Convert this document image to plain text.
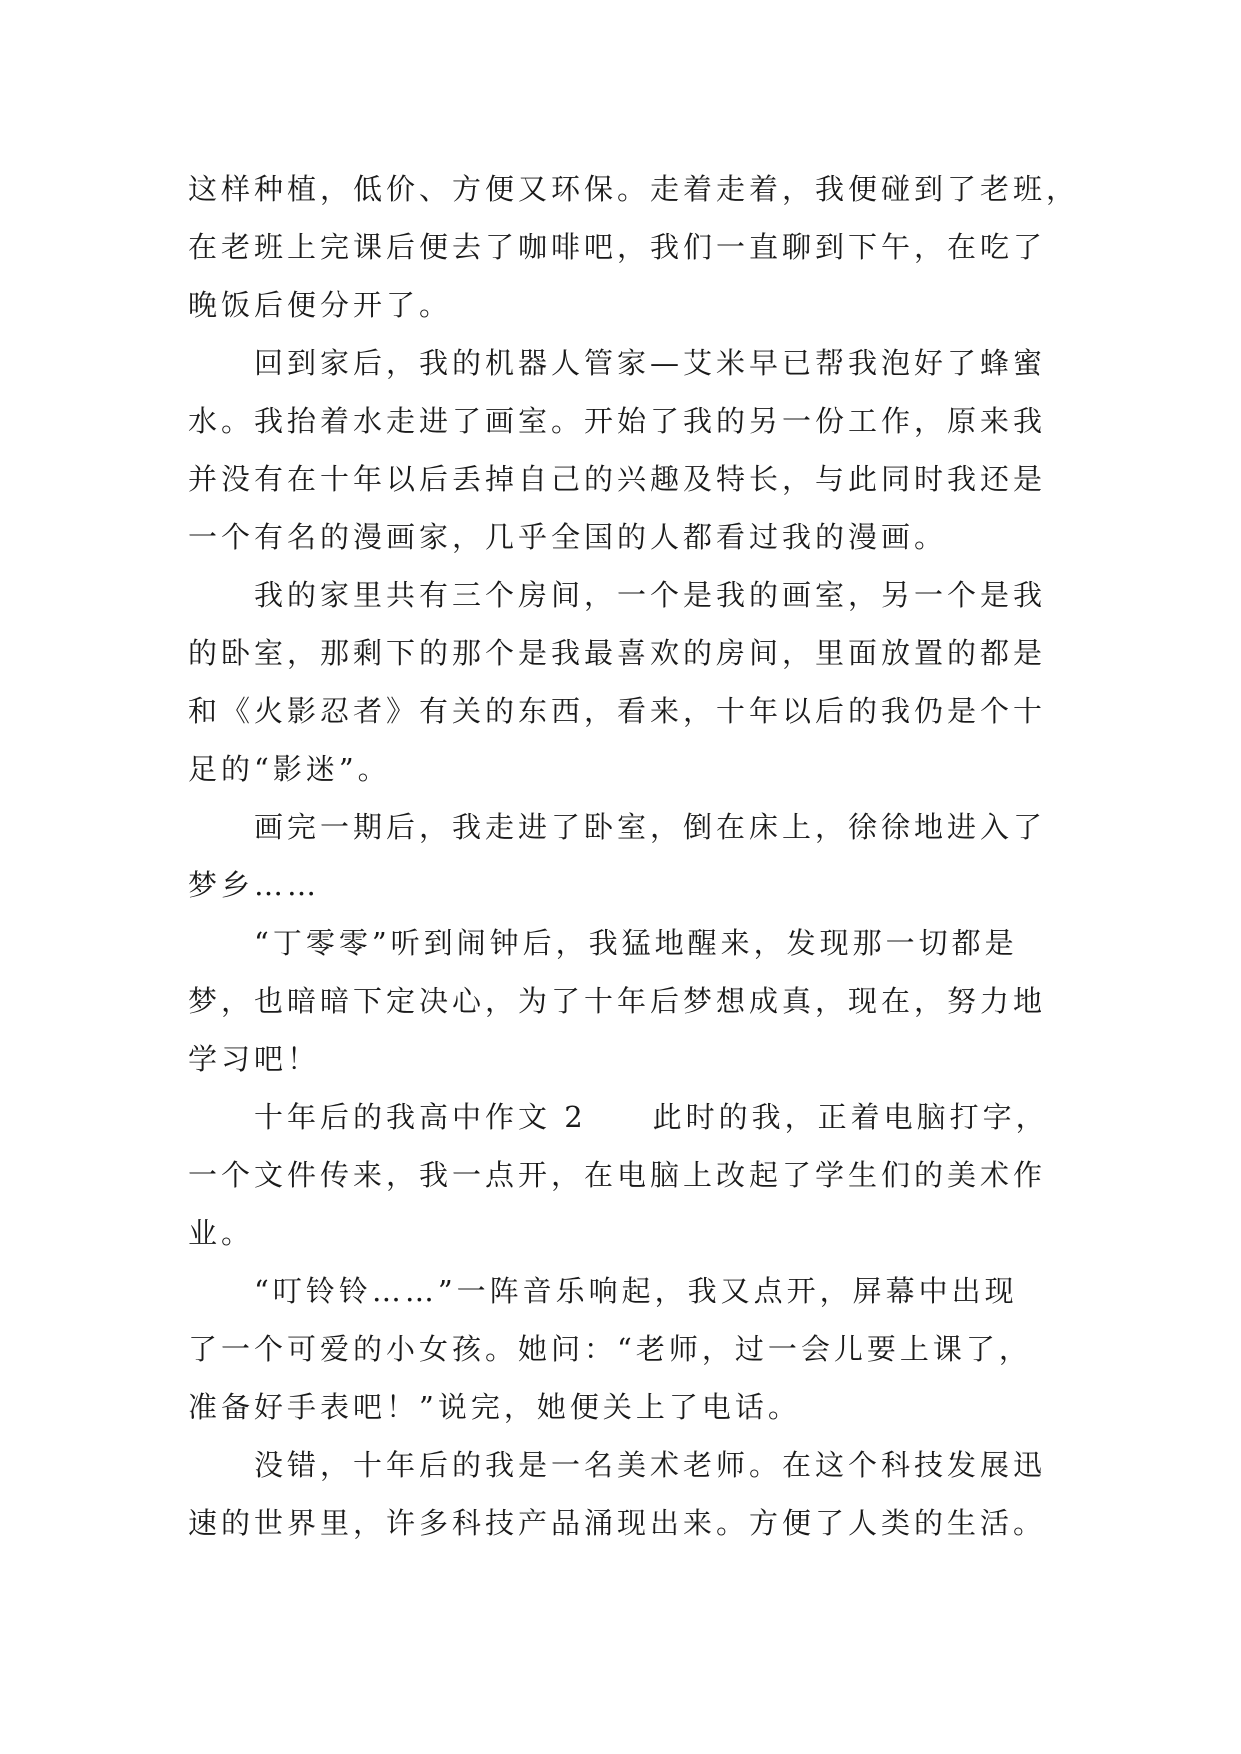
这样种植，低价、方便又环保。走着走着，我便碰到了老班，

在老班上完课后便去了咖啡吧，我们一直聊到下午，在吃了

晚饭后便分开了。

回到家后，我的机器人管家—艾米早已帮我泡好了蜂蜜

水。我抬着水走进了画室。开始了我的另一份工作，原来我

并没有在十年以后丢掉自己的兴趣及特长，与此同时我还是

一个有名的漫画家，几乎全国的人都看过我的漫画。

我的家里共有三个房间，一个是我的画室，另一个是我

的卧室，那剩下的那个是我最喜欢的房间，里面放置的都是

和《火影忍者》有关的东西，看来，十年以后的我仍是个十

足的“影迷”。

画完一期后，我走进了卧室，倒在床上，徐徐地进入了

梦乡……

“丁零零”听到闹钟后，我猛地醒来，发现那一切都是

梦，也暗暗下定决心，为了十年后梦想成真，现在，努力地

学习吧！

十年后的我高中作文 2　　此时的我，正着电脑打字，

一个文件传来，我一点开，在电脑上改起了学生们的美术作

业。

“叮铃铃……”一阵音乐响起，我又点开，屏幕中出现

了一个可爱的小女孩。她问：“老师，过一会儿要上课了，

准备好手表吧！”说完，她便关上了电话。

没错，十年后的我是一名美术老师。在这个科技发展迅

速的世界里，许多科技产品涌现出来。方便了人类的生活。
